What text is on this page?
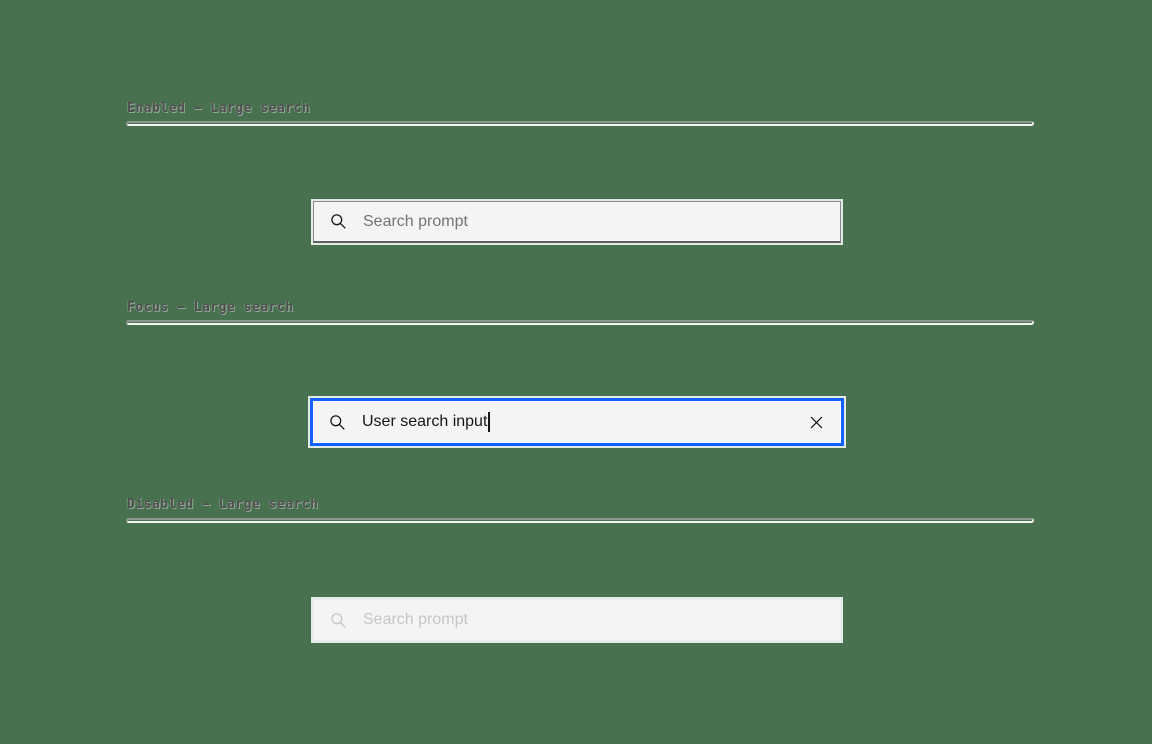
Enabled – Large search
Search prompt
Focus – Large search
User search input
Disabled – Large search
Search prompt
